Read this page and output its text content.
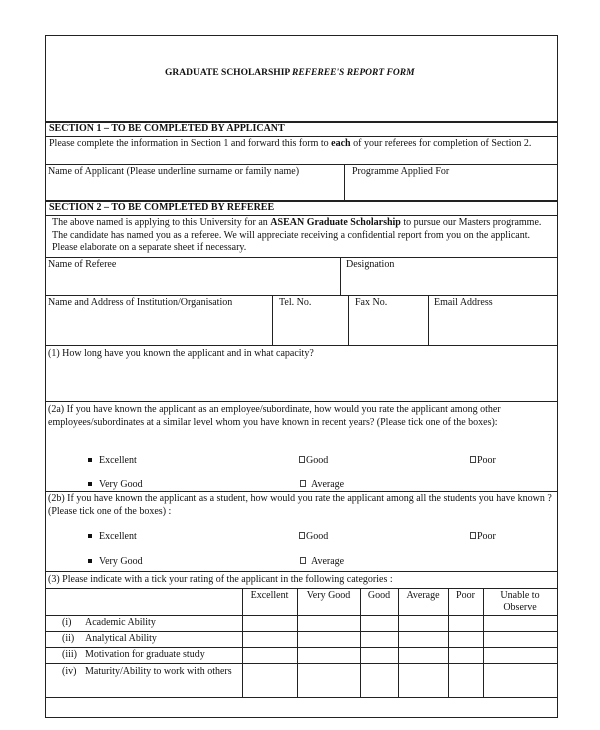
GRADUATE SCHOLARSHIP REFEREE'S REPORT FORM
SECTION 1 – TO BE COMPLETED BY APPLICANT
Please complete the information in Section 1 and forward this form to each of your referees for completion of Section 2.
Name of Applicant (Please underline surname or family name)	Programme Applied For
SECTION 2 – TO BE COMPLETED BY REFEREE
The above named is applying to this University for an ASEAN Graduate Scholarship to pursue our Masters programme. The candidate has named you as a referee. We will appreciate receiving a confidential report from you on the applicant. Please elaborate on a separate sheet if necessary.
Name of Referee	Designation
Name and Address of Institution/Organisation	Tel. No.	Fax No.	Email Address
(1) How long have you known the applicant and in what capacity?
(2a) If you have known the applicant as an employee/subordinate, how would you rate the applicant among other employees/subordinates at a similar level whom you have known in recent years? (Please tick one of the boxes):
Excellent	Good	Poor
Very Good	Average
(2b) If you have known the applicant as a student, how would you rate the applicant among all the students you have known ? (Please tick one of the boxes) :
Excellent	Good	Poor
Very Good	Average
(3) Please indicate with a tick your rating of the applicant in the following categories :
Excellent	Very Good	Good	Average	Poor	Unable to Observe
(i) Academic Ability
(ii) Analytical Ability
(iii) Motivation for graduate study
(iv) Maturity/Ability to work with others
